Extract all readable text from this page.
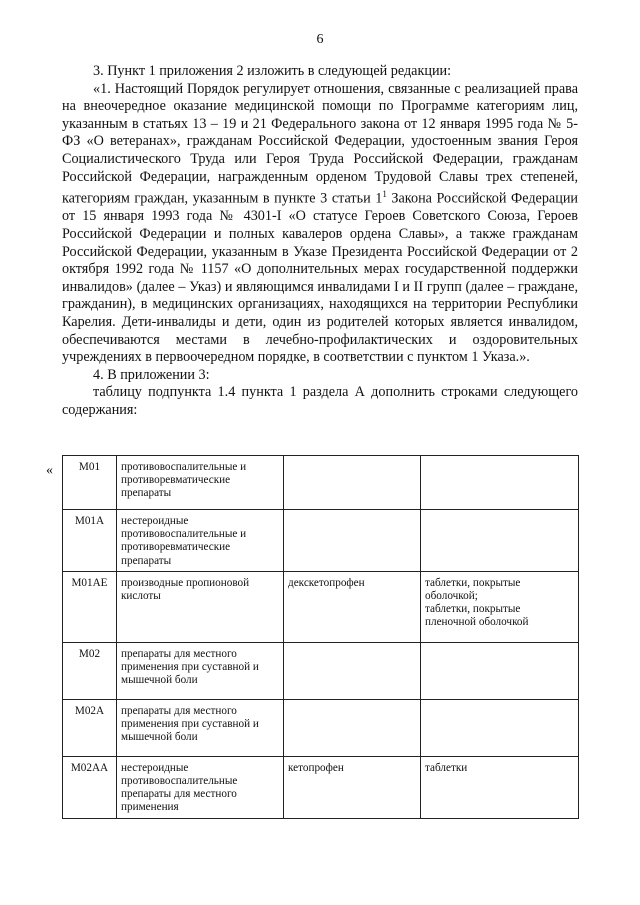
6

3. Пункт 1 приложения 2 изложить в следующей редакции:

«1. Настоящий Порядок регулирует отношения, связанные с реализацией права на внеочередное оказание медицинской помощи по Программе категориям лиц, указанным в статьях 13 – 19 и 21 Федерального закона от 12 января 1995 года № 5-ФЗ «О ветеранах», гражданам Российской Федерации, удостоенным звания Героя Социалистического Труда или Героя Труда Российской Федерации, гражданам Российской Федерации, награжденным орденом Трудовой Славы трех степеней, категориям граждан, указанным в пункте 3 статьи $1^1$ Закона Российской Федерации от 15 января 1993 года № 4301-I «О статусе Героев Советского Союза, Героев Российской Федерации и полных кавалеров ордена Славы», а также гражданам Российской Федерации, указанным в Указе Президента Российской Федерации от 2 октября 1992 года № 1157 «О дополнительных мерах государственной поддержки инвалидов» (далее – Указ) и являющимся инвалидами I и II групп (далее – граждане, гражданин), в медицинских организациях, находящихся на территории Республики Карелия. Дети-инвалиды и дети, один из родителей которых является инвалидом, обеспечиваются местами в лечебно-профилактических и оздоровительных учреждениях в первоочередном порядке, в соответствии с пунктом 1 Указа.».

4. В приложении 3:

таблицу подпункта 1.4 пункта 1 раздела А дополнить строками следующего содержания:

« M01	противовоспалительные и противоревматические препараты		
M01A	нестероидные противовоспалительные и противоревматические препараты		
M01AE	производные пропионовой кислоты	декскетопрофен	таблетки, покрытые оболочкой;
таблетки, покрытые пленочной оболочкой

M02	препараты для местного применения при суставной и мышечной боли		
M02A	препараты для местного применения при суставной и мышечной боли		
M02AA	нестероидные противовоспалительные препараты для местного применения	кетопрофен	таблетки
